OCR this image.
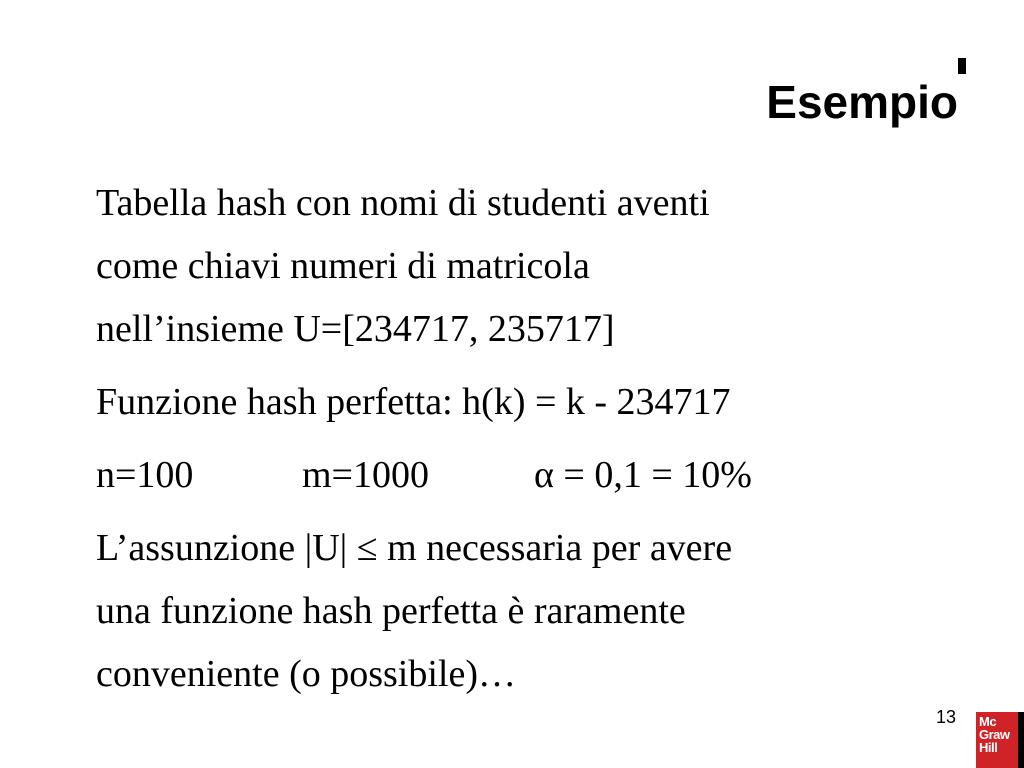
Esempio

Tabella hash con nomi di studenti aventi
come chiavi numeri di matricola
nell’insieme U=[234717, 235717]

Funzione hash perfetta: h(k) = k - 234717

n=100	m=1000	α = 0,1 = 10%

L’assunzione |U| ≤ m necessaria per avere
una funzione hash perfetta è raramente
conveniente (o possibile)…

13 Mc
Graw
Hill
